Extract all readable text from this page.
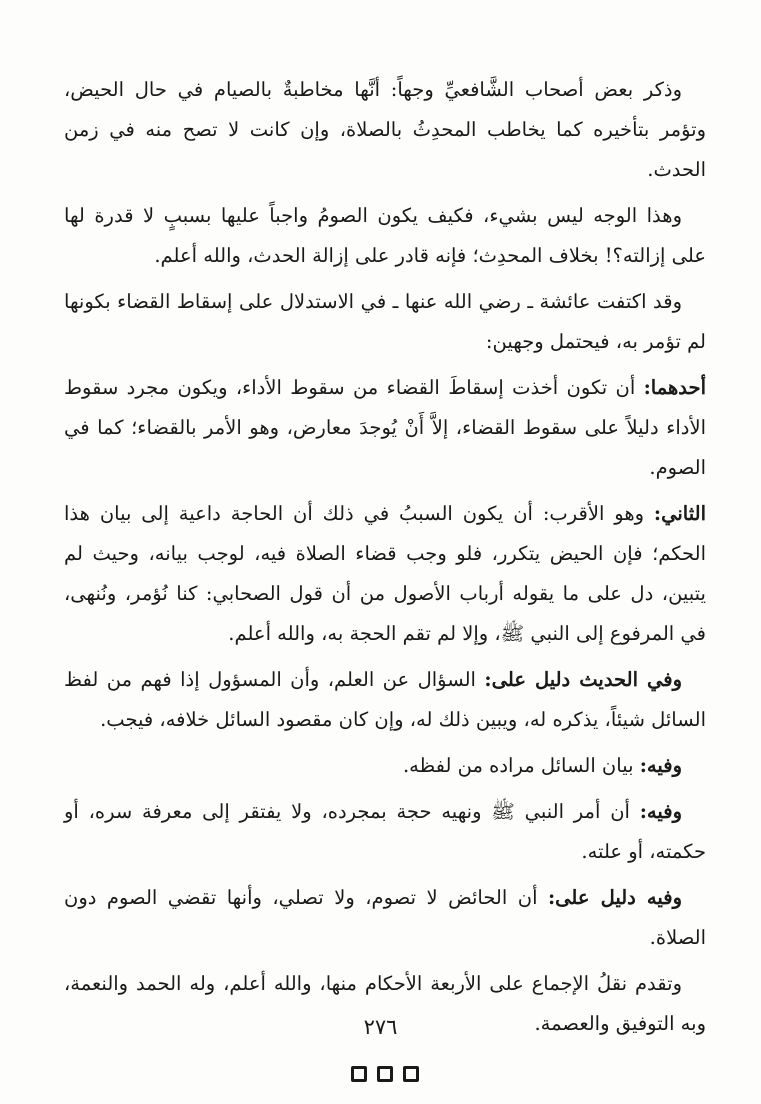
وذكر بعض أصحاب الشَّافعيِّ وجهاً: أنَّها مخاطبةٌ بالصيام في حال الحيض، وتؤمر بتأخيره كما يخاطب المحدِثُ بالصلاة، وإن كانت لا تصح منه في زمن الحدث.

وهذا الوجه ليس بشيء، فكيف يكون الصومُ واجباً عليها بسببٍ لا قدرة لها على إزالته؟! بخلاف المحدِث؛ فإنه قادر على إزالة الحدث، والله أعلم.

وقد اكتفت عائشة ـ رضي الله عنها ـ في الاستدلال على إسقاط القضاء بكونها لم تؤمر به، فيحتمل وجهين:

أحدهما: أن تكون أخذت إسقاطَ القضاء من سقوط الأداء، ويكون مجرد سقوط الأداء دليلاً على سقوط القضاء، إلاَّ أَنْ يُوجدَ معارض، وهو الأمر بالقضاء؛ كما في الصوم.

الثاني: وهو الأقرب: أن يكون السببُ في ذلك أن الحاجة داعية إلى بيان هذا الحكم؛ فإن الحيض يتكرر، فلو وجب قضاء الصلاة فيه، لوجب بيانه، وحيث لم يتبين، دل على ما يقوله أرباب الأصول من أن قول الصحابي: كنا نُؤمر، ونُنهى، في المرفوع إلى النبي ﷺ، وإلا لم تقم الحجة به، والله أعلم.

وفي الحديث دليل على: السؤال عن العلم، وأن المسؤول إذا فهم من لفظ السائل شيئاً، يذكره له، ويبين ذلك له، وإن كان مقصود السائل خلافه، فيجب.

وفيه: بيان السائل مراده من لفظه.

وفيه: أن أمر النبي ﷺ ونهيه حجة بمجرده، ولا يفتقر إلى معرفة سره، أو حكمته، أو علته.

وفيه دليل على: أن الحائض لا تصوم، ولا تصلي، وأنها تقضي الصوم دون الصلاة.

وتقدم نقلُ الإجماع على الأربعة الأحكام منها، والله أعلم، وله الحمد والنعمة، وبه التوفيق والعصمة.

٢٧٦
